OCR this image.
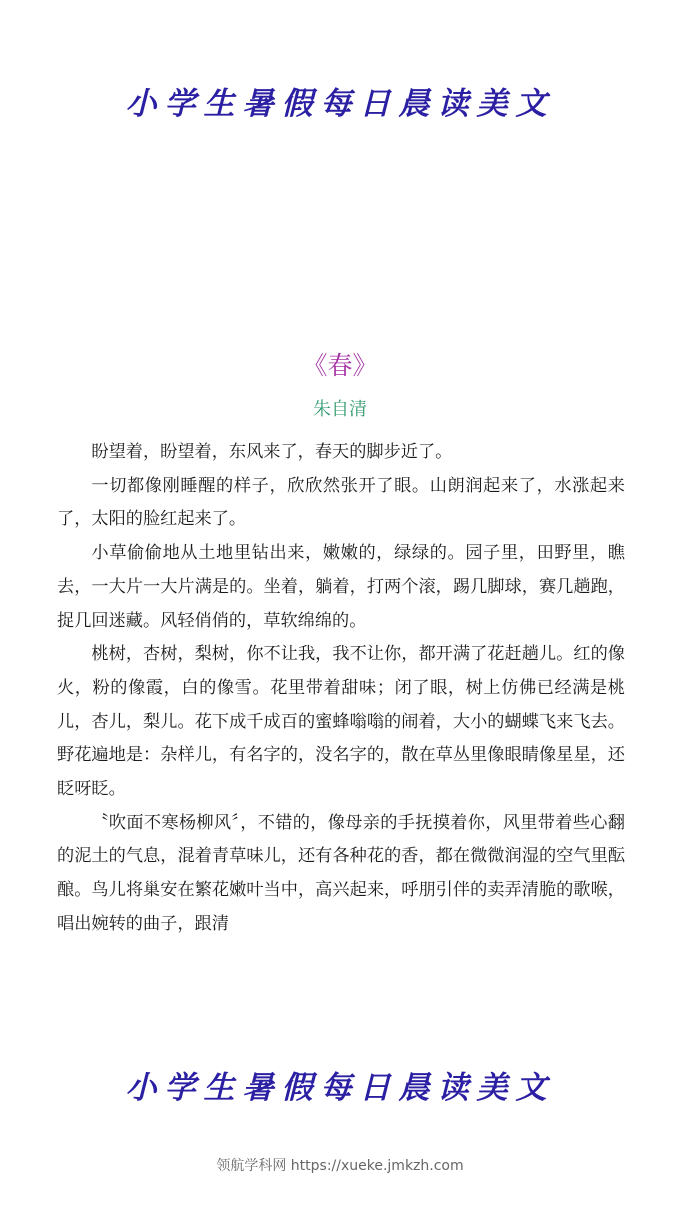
小学生暑假每日晨读美文
《春》
朱自清

盼望着，盼望着，东风来了，春天的脚步近了。

一切都像刚睡醒的样子，欣欣然张开了眼。山朗润起来了，水涨起来了，太阳的脸红起来了。

小草偷偷地从土地里钻出来，嫩嫩的，绿绿的。园子里，田野里，瞧去，一大片一大片满是的。坐着，躺着，打两个滚，踢几脚球，赛几趟跑，捉几回迷藏。风轻俏俏的，草软绵绵的。

桃树，杏树，梨树，你不让我，我不让你，都开满了花赶趟儿。红的像火，粉的像霞，白的像雪。花里带着甜味；闭了眼，树上仿佛已经满是桃儿，杏儿，梨儿。花下成千成百的蜜蜂嗡嗡的闹着，大小的蝴蝶飞来飞去。野花遍地是：杂样儿，有名字的，没名字的，散在草丛里像眼睛像星星，还眨呀眨。

〝吹面不寒杨柳风〞，不错的，像母亲的手抚摸着你，风里带着些心翻的泥土的气息，混着青草味儿，还有各种花的香，都在微微润湿的空气里酝酿。鸟儿将巢安在繁花嫩叶当中，高兴起来，呼朋引伴的卖弄清脆的歌喉，唱出婉转的曲子，跟清

小学生暑假每日晨读美文
领航学科网 https://xueke.jmkzh.com
